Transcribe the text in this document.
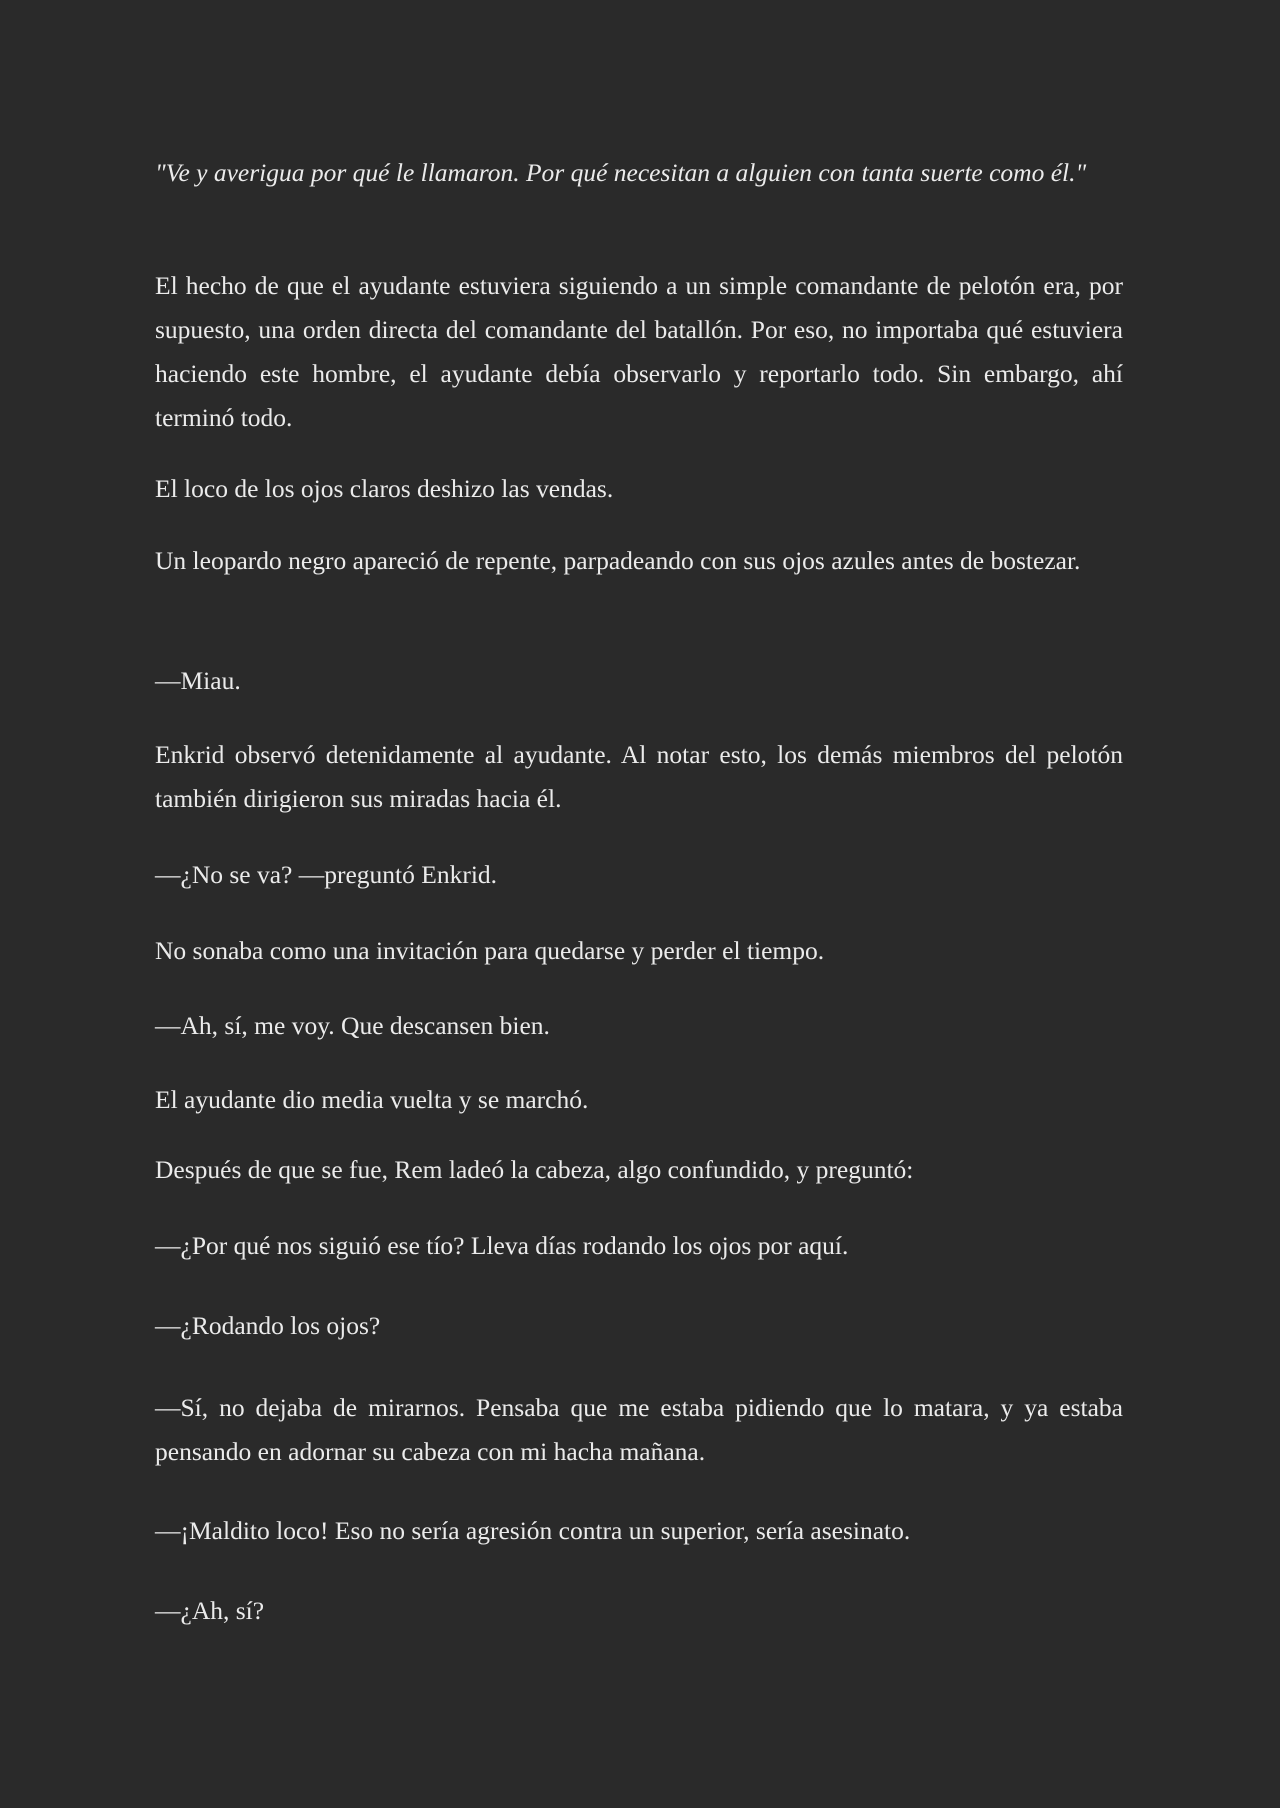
"Ve y averigua por qué le llamaron. Por qué necesitan a alguien con tanta suerte como él."

El hecho de que el ayudante estuviera siguiendo a un simple comandante de pelotón era, por supuesto, una orden directa del comandante del batallón. Por eso, no importaba qué estuviera haciendo este hombre, el ayudante debía observarlo y reportarlo todo. Sin embargo, ahí terminó todo.

El loco de los ojos claros deshizo las vendas.

Un leopardo negro apareció de repente, parpadeando con sus ojos azules antes de bostezar.

—Miau.

Enkrid observó detenidamente al ayudante. Al notar esto, los demás miembros del pelotón también dirigieron sus miradas hacia él.

—¿No se va? —preguntó Enkrid.

No sonaba como una invitación para quedarse y perder el tiempo.

—Ah, sí, me voy. Que descansen bien.

El ayudante dio media vuelta y se marchó.

Después de que se fue, Rem ladeó la cabeza, algo confundido, y preguntó:

—¿Por qué nos siguió ese tío? Lleva días rodando los ojos por aquí.

—¿Rodando los ojos?

—Sí, no dejaba de mirarnos. Pensaba que me estaba pidiendo que lo matara, y ya estaba pensando en adornar su cabeza con mi hacha mañana.

—¡Maldito loco! Eso no sería agresión contra un superior, sería asesinato.

—¿Ah, sí?
